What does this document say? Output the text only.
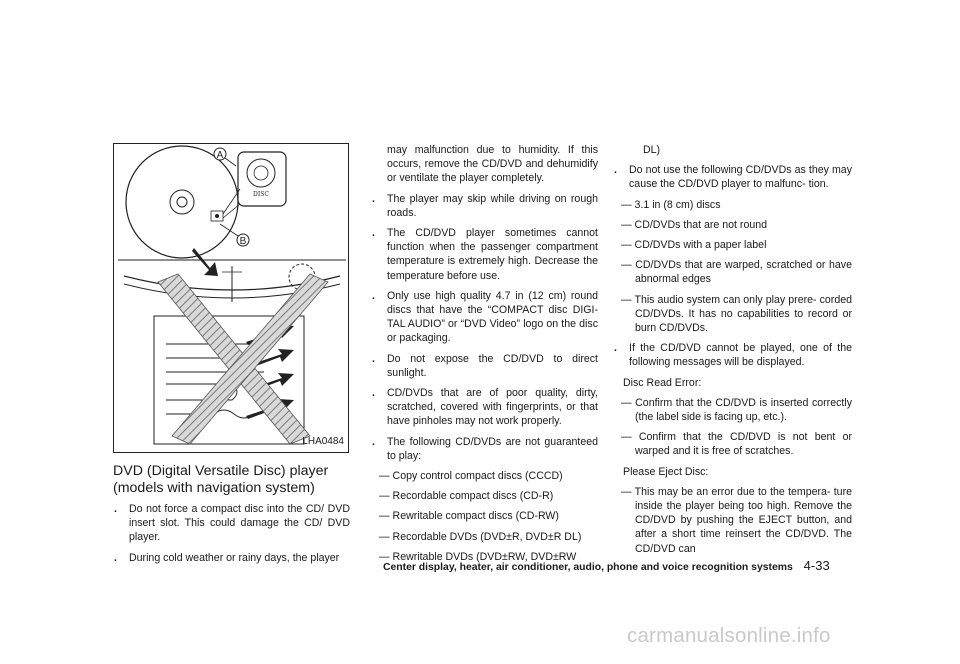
DISC
A
B
LHA0484
DVD (Digital Versatile Disc) player
(models with navigation system)
. Do not force a compact disc into the CD/ DVD insert slot. This could damage the CD/ DVD player.
. During cold weather or rainy days, the player
may malfunction due to humidity. If this occurs, remove the CD/DVD and dehumidify or ventilate the player completely.
. The player may skip while driving on rough roads.
. The CD/DVD player sometimes cannot function when the passenger compartment temperature is extremely high. Decrease the temperature before use.
. Only use high quality 4.7 in (12 cm) round discs that have the “COMPACT disc DIGI- TAL AUDIO” or “DVD Video” logo on the disc or packaging.
. Do not expose the CD/DVD to direct sunlight.
. CD/DVDs that are of poor quality, dirty, scratched, covered with fingerprints, or that have pinholes may not work properly.
. The following CD/DVDs are not guaranteed to play:
— Copy control compact discs (CCCD)
— Recordable compact discs (CD-R)
— Rewritable compact discs (CD-RW)
— Recordable DVDs (DVD±R, DVD±R DL)
— Rewritable DVDs (DVD±RW, DVD±RW
DL)
. Do not use the following CD/DVDs as they may cause the CD/DVD player to malfunc- tion.
— 3.1 in (8 cm) discs
— CD/DVDs that are not round
— CD/DVDs with a paper label
— CD/DVDs that are warped, scratched or have abnormal edges
— This audio system can only play prere- corded CD/DVDs. It has no capabilities to record or burn CD/DVDs.
. If the CD/DVD cannot be played, one of the following messages will be displayed.
Disc Read Error:
— Confirm that the CD/DVD is inserted correctly (the label side is facing up, etc.).
— Confirm that the CD/DVD is not bent or warped and it is free of scratches.
Please Eject Disc:
— This may be an error due to the tempera- ture inside the player being too high. Remove the CD/DVD by pushing the EJECT button, and after a short time reinsert the CD/DVD. The CD/DVD can
Center display, heater, air conditioner, audio, phone and voice recognition systems 4-33
carmanualsonline.info
